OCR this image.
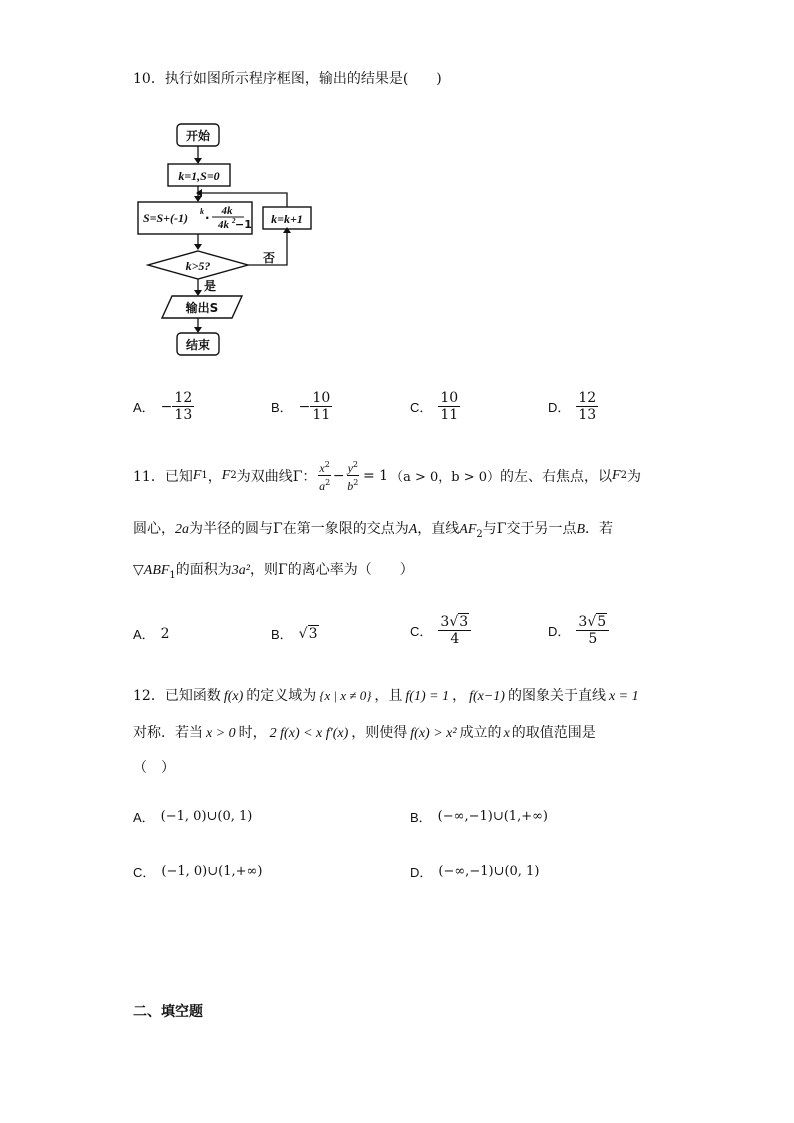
10．执行如图所示程序框图，输出的结果是(　　)
开始
k=1,S=0
S=S+(-1) k · 4k
4k 2 −1 k=k+1
k>5?
否
是
输出S
结束
A． − $\frac{12}{13}$	B． − $\frac{10}{11}$	C． $\frac{10}{11}$	D． $\frac{12}{13}$
11． 已知 F 1 ， F 2 为双曲线Γ：
$x^2$
$a^2 - \frac{y^2}{b^2} = 1$ （a > 0，b > 0） 的左、右焦点，以 F 2 为
圆心，2a为半径的圆与Γ在第一象限的交点为A，直线$AF_2$与Γ交于另一点B．若
$▽ABF_1$的面积为3a²，则Γ的离心率为（　　）
A． 2	B． √3	C． $\frac{3√3}{4}$	D． $\frac{3√5}{5}$
12．已知函数 f(x) 的定义域为 {x | x ≠ 0} ，且 f(1) = 1 ， f(x−1) 的图象关于直线 x = 1
对称．若当 x > 0 时， 2 f(x) < x f′(x) ，则使得 f(x) > x² 成立的 x 的取值范围是
（　）
A． (−1, 0)∪(0, 1)	B． (−∞,−1)∪(1,+∞)
C． (−1, 0)∪(1,+∞)	D． (−∞,−1)∪(0, 1)
二、填空题
